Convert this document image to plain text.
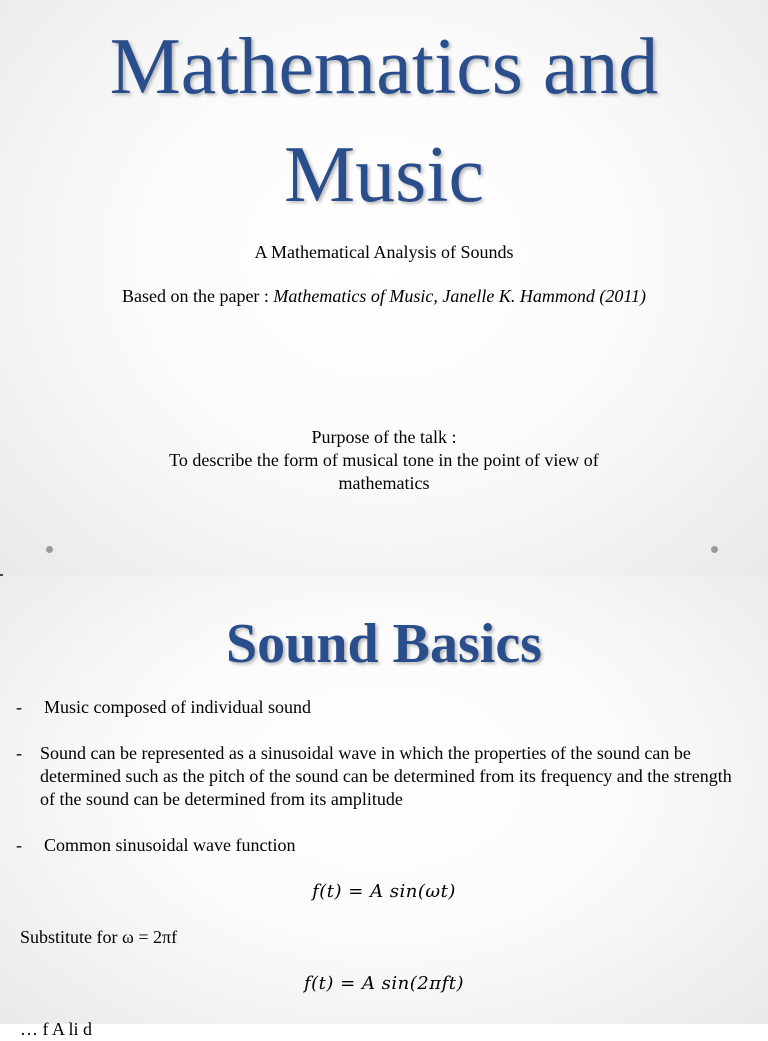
Mathematics and
Music
A Mathematical Analysis of Sounds
Based on the paper : Mathematics of Music, Janelle K. Hammond (2011)
Purpose of the talk :
To describe the form of musical tone in the point of view of
mathematics
Sound Basics
-	Music composed of individual sound
-	Sound can be represented as a sinusoidal wave in which the properties of the sound can be determined such as the pitch of the sound can be determined from its frequency and the strength of the sound can be determined from its amplitude
-	Common sinusoidal wave function
f(t) = A sin(ωt)
Substitute for ω = 2πf
f(t) = A sin(2πft)
… f A li d
